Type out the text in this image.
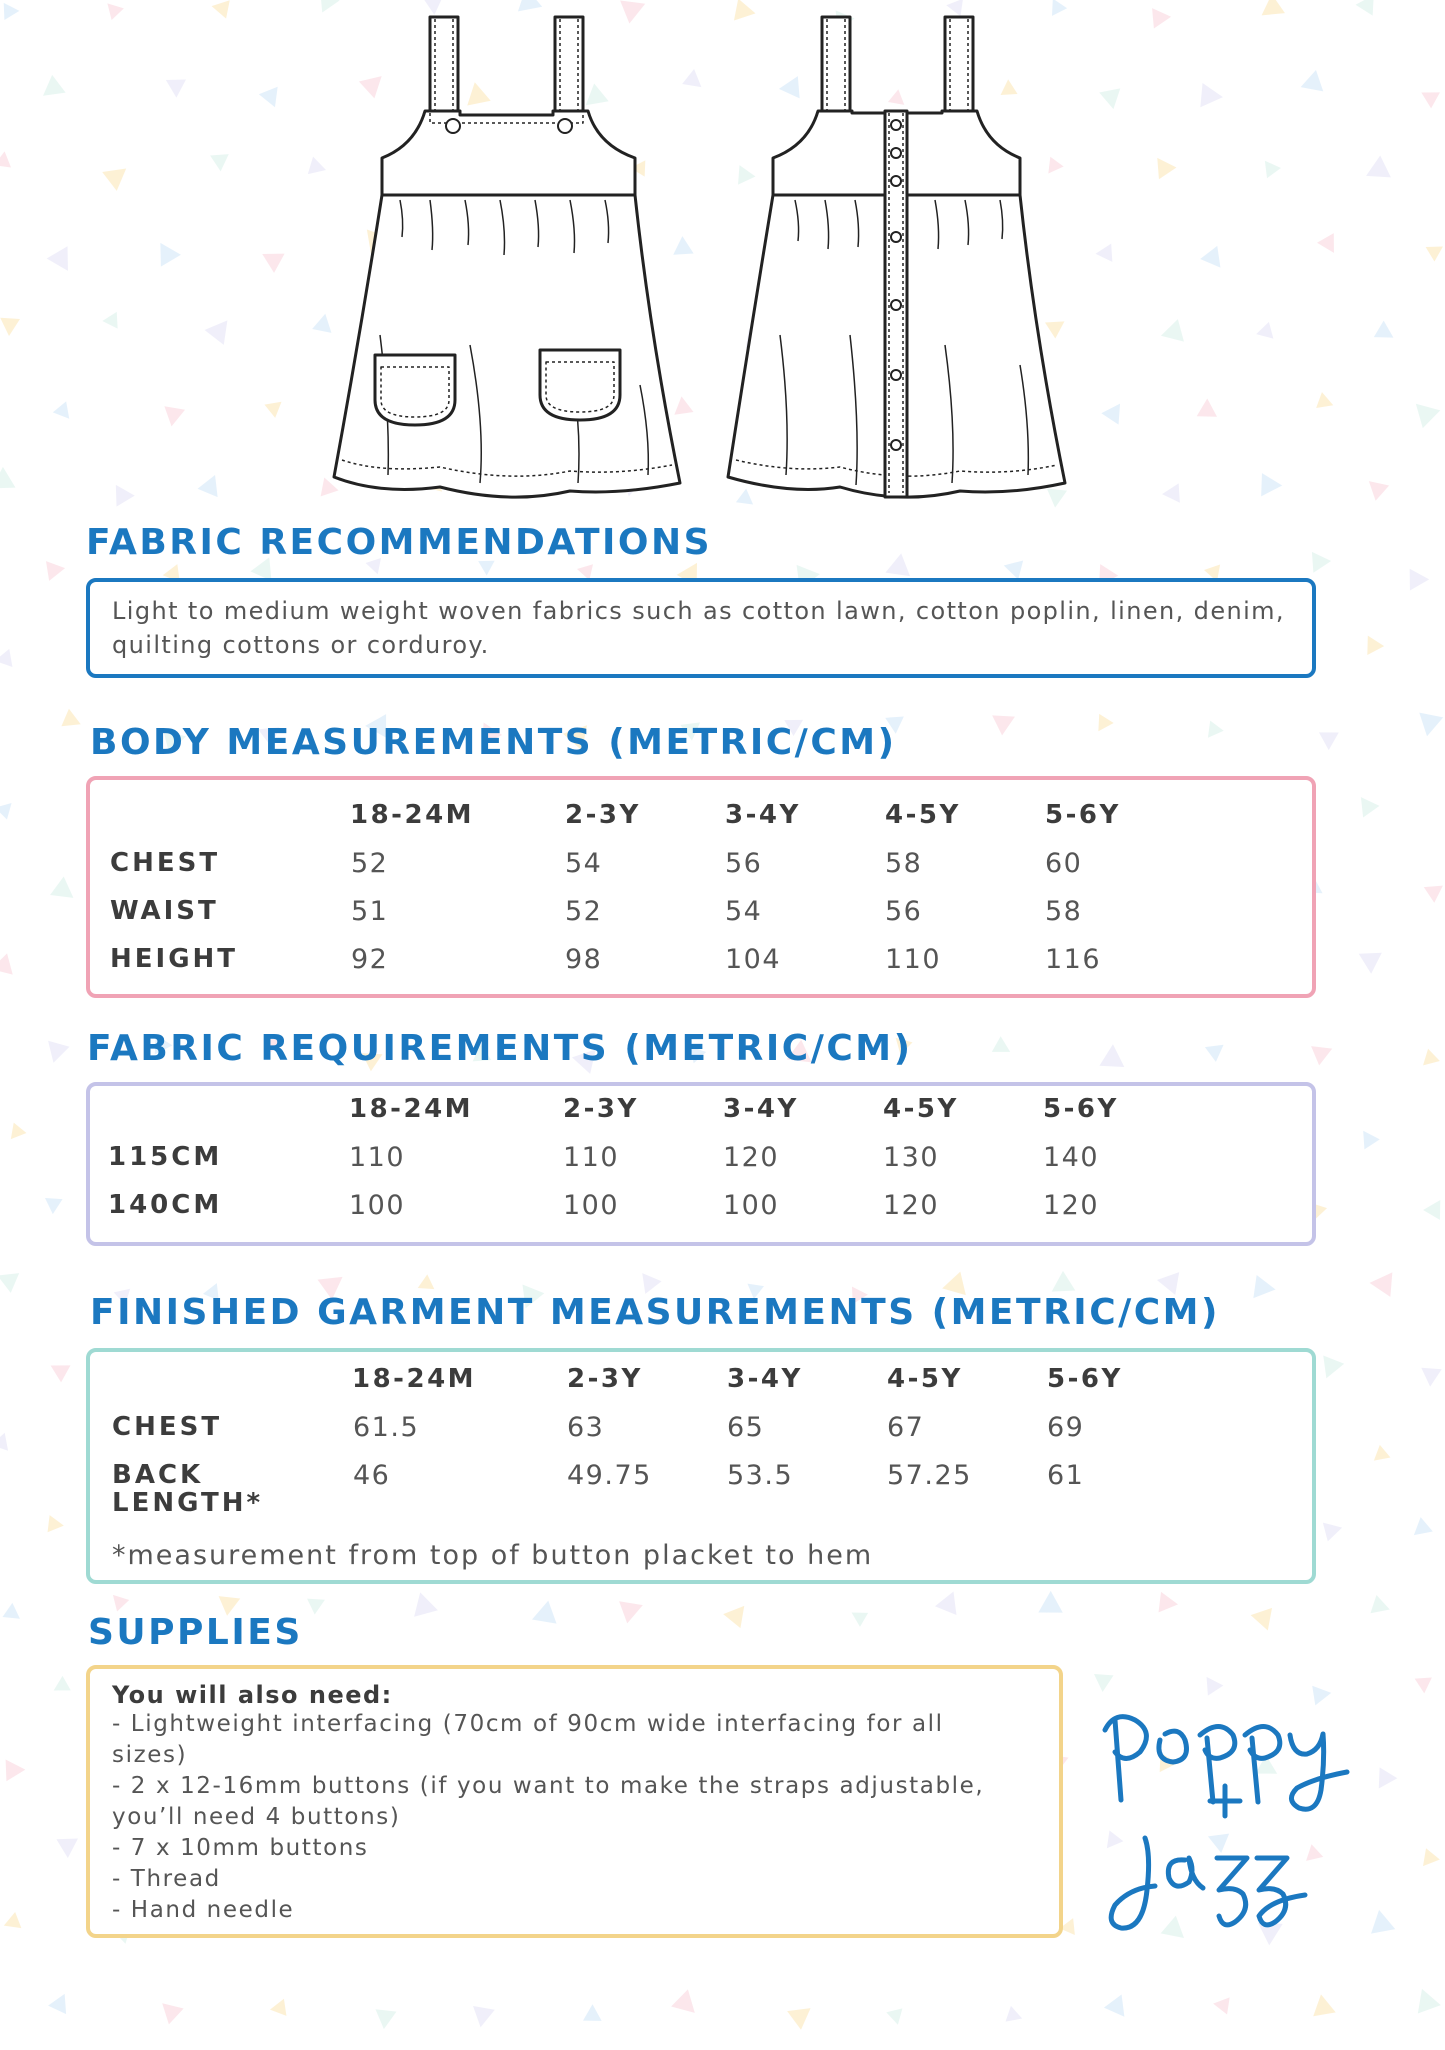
FABRIC RECOMMENDATIONS
Light to medium weight woven fabrics such as cotton lawn, cotton poplin, linen, denim,
quilting cottons or corduroy.
BODY MEASUREMENTS (METRIC/CM)
18-24M	2-3Y	3-4Y	4-5Y	5-6Y
CHEST	52	54	56	58	60
WAIST	51	52	54	56	58
HEIGHT	92	98	104	110	116
FABRIC REQUIREMENTS (METRIC/CM)
18-24M	2-3Y	3-4Y	4-5Y	5-6Y
115CM	110	110	120	130	140
140CM	100	100	100	120	120
FINISHED GARMENT MEASUREMENTS (METRIC/CM)
18-24M	2-3Y	3-4Y	4-5Y	5-6Y
CHEST	61.5	63	65	67	69
BACK
LENGTH*
46	49.75	53.5	57.25	61
*measurement from top of button placket to hem
SUPPLIES
You will also need:
- Lightweight interfacing (70cm of 90cm wide interfacing for all
sizes)
- 2 x 12-16mm buttons (if you want to make the straps adjustable,
you’ll need 4 buttons)
- 7 x 10mm buttons
- Thread
- Hand needle
